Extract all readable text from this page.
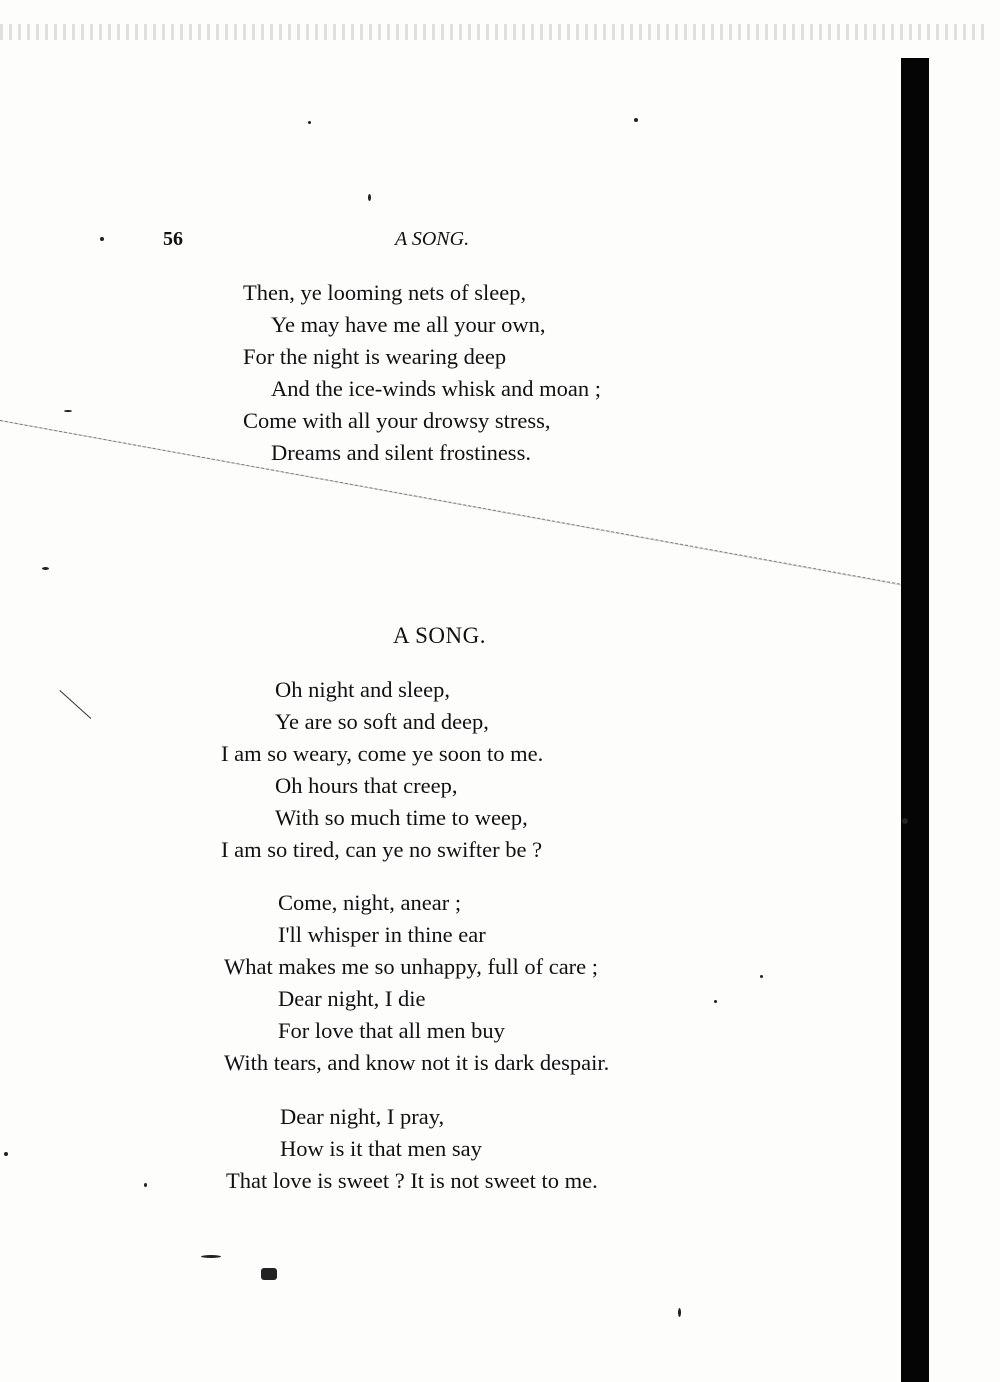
56	A SONG.
Then, ye looming nets of sleep,
Ye may have me all your own,
For the night is wearing deep
And the ice-winds whisk and moan ;
Come with all your drowsy stress,
Dreams and silent frostiness.
A SONG.
Oh night and sleep,
Ye are so soft and deep,
I am so weary, come ye soon to me.
Oh hours that creep,
With so much time to weep,
I am so tired, can ye no swifter be ?
Come, night, anear ;
I'll whisper in thine ear
What makes me so unhappy, full of care ;
Dear night, I die
For love that all men buy
With tears, and know not it is dark despair.
Dear night, I pray,
How is it that men say
That love is sweet ? It is not sweet to me.
